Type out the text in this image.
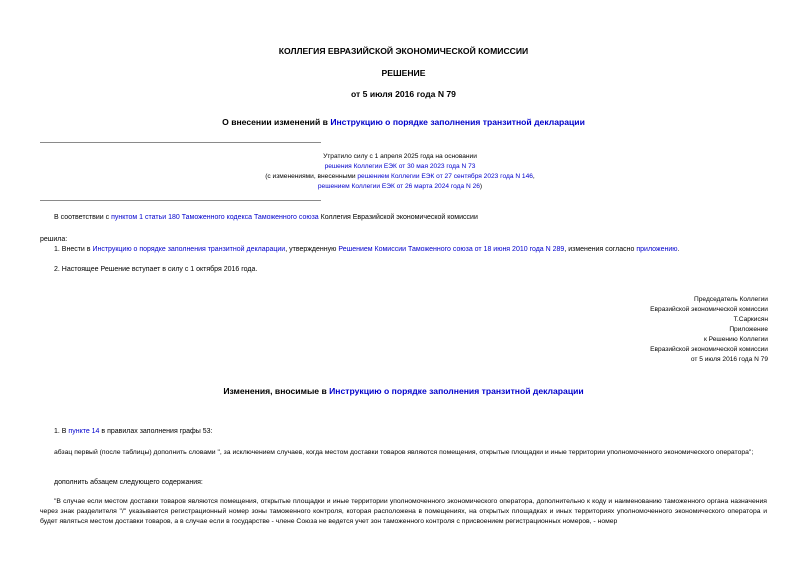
КОЛЛЕГИЯ ЕВРАЗИЙСКОЙ ЭКОНОМИЧЕСКОЙ КОМИССИИ
РЕШЕНИЕ
от 5 июля 2016 года N 79
О внесении изменений в Инструкцию о порядке заполнения транзитной декларации
Утратило силу с 1 апреля 2025 года на основании
решения Коллегии ЕЭК от 30 мая 2023 года N 73
(с изменениями, внесенными решением Коллегии ЕЭК от 27 сентября 2023 года N 146,
решением Коллегии ЕЭК от 26 марта 2024 года N 26)
В соответствии с пунктом 1 статьи 180 Таможенного кодекса Таможенного союза Коллегия Евразийской экономической комиссии
решила:
1. Внести в Инструкцию о порядке заполнения транзитной декларации, утвержденную Решением Комиссии Таможенного союза от 18 июня 2010 года N 289, изменения согласно приложению.
2. Настоящее Решение вступает в силу с 1 октября 2016 года.
Председатель Коллегии
Евразийской экономической комиссии
Т.Саркисян
Приложение
к Решению Коллегии
Евразийской экономической комиссии
от 5 июля 2016 года N 79
Изменения, вносимые в Инструкцию о порядке заполнения транзитной декларации
1. В пункте 14 в правилах заполнения графы 53:
абзац первый (после таблицы) дополнить словами ", за исключением случаев, когда местом доставки товаров являются помещения, открытые площадки и иные территории уполномоченного экономического оператора";
дополнить абзацем следующего содержания:
"В случае если местом доставки товаров являются помещения, открытые площадки и иные территории уполномоченного экономического оператора, дополнительно к коду и наименованию таможенного органа назначения через знак разделителя "/" указывается регистрационный номер зоны таможенного контроля, которая расположена в помещениях, на открытых площадках и иных территориях уполномоченного экономического оператора и будет являться местом доставки товаров, а в случае если в государстве - члене Союза не ведется учет зон таможенного контроля с присвоением регистрационных номеров, - номер
